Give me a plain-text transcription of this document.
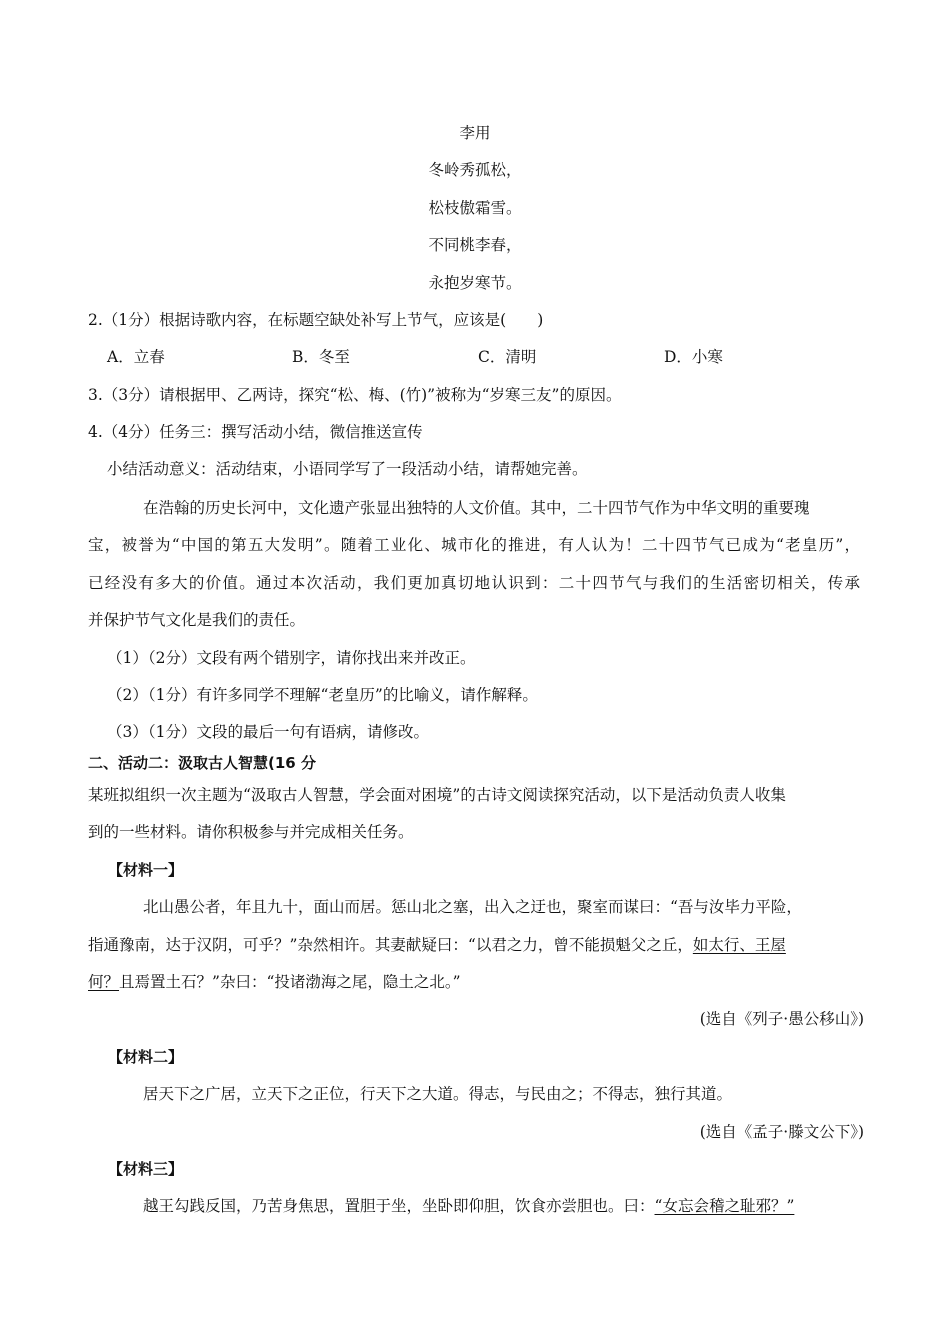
李用
冬岭秀孤松，
松枝傲霜雪。
不同桃李春，
永抱岁寒节。
2.（1分）根据诗歌内容，在标题空缺处补写上节气，应该是(　　)
A．立春	B．冬至	C．清明	D．小寒
3.（3分）请根据甲、乙两诗，探究“松、梅、(竹)”被称为“岁寒三友”的原因。
4.（4分）任务三：撰写活动小结，微信推送宣传
小结活动意义：活动结束，小语同学写了一段活动小结，请帮她完善。
在浩翰的历史长河中，文化遗产张显出独特的人文价值。其中，二十四节气作为中华文明的重要瑰
宝，被誉为“中国的第五大发明”。随着工业化、城市化的推进，有人认为！二十四节气已成为“老皇历”，
已经没有多大的价值。通过本次活动，我们更加真切地认识到：二十四节气与我们的生活密切相关，传承
并保护节气文化是我们的责任。
（1）（2分）文段有两个错别字，请你找出来并改正。
（2）（1分）有许多同学不理解“老皇历”的比喻义，请作解释。
（3）（1分）文段的最后一句有语病，请修改。
二、活动二：汲取古人智慧(16 分
某班拟组织一次主题为“汲取古人智慧，学会面对困境”的古诗文阅读探究活动，以下是活动负责人收集
到的一些材料。请你积极参与并完成相关任务。
【材料一】
北山愚公者，年且九十，面山而居。惩山北之塞，出入之迂也，聚室而谋曰：“吾与汝毕力平险，
指通豫南，达于汉阴，可乎？”杂然相许。其妻献疑曰：“以君之力，曾不能损魁父之丘，如太行、王屋
何？且焉置土石？”杂曰：“投诸渤海之尾，隐土之北。”
(选自《列子·愚公移山》)
【材料二】
居天下之广居，立天下之正位，行天下之大道。得志，与民由之；不得志，独行其道。
(选自《孟子·滕文公下》)
【材料三】
越王勾践反国，乃苦身焦思，置胆于坐，坐卧即仰胆，饮食亦尝胆也。曰：“女忘会稽之耻邪？”
